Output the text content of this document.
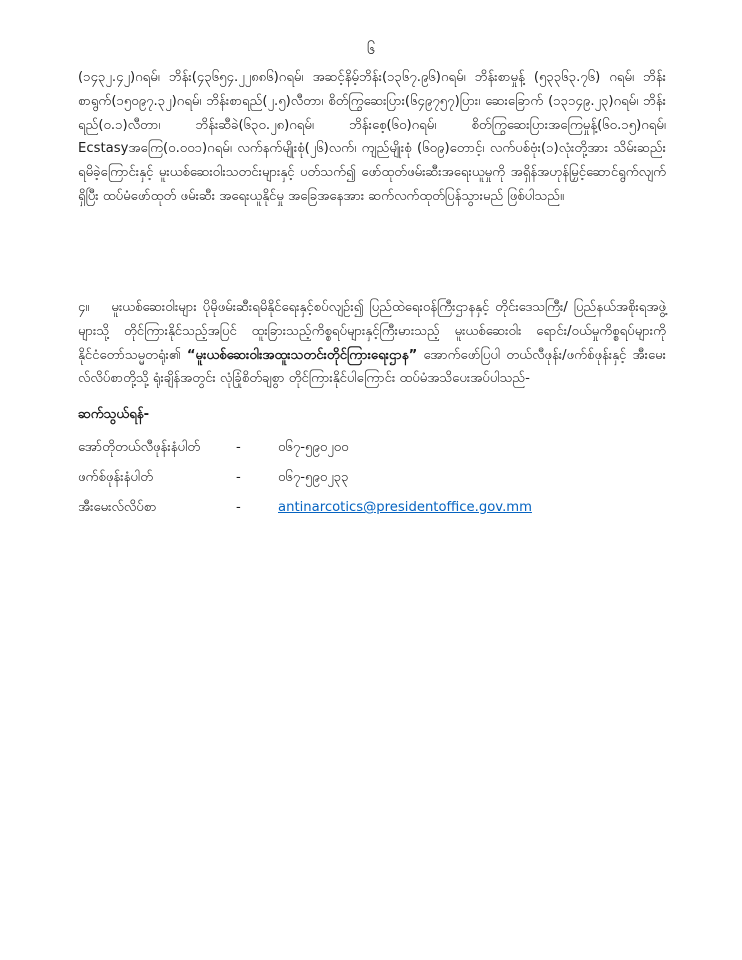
၆

(၁၄၃၂.၄၂)ဂရမ်၊ ဘိန်း(၄၃၆၅၄.၂၂၈၈၆)ဂရမ်၊ အဆင့်နိမ့်ဘိန်း(၁၃၆၇.၉၆)ဂရမ်၊ ဘိန်းစာမှုန့် (၅၃၃၆၃.၇၆) ဂရမ်၊ ဘိန်းစာရွက်(၁၅၀၉၇.၃၂)ဂရမ်၊ ဘိန်းစာရည်(၂.၅)လီတာ၊ စိတ်ကြွဆေးပြား(၆၄၉၇၅၇)ပြား၊ ဆေးခြောက် (၁၃၁၄၉.၂၃)ဂရမ်၊ ဘိန်းရည်(၀.၁)လီတာ၊ ဘိန်းဆီခဲ(၆၃၀.၂၈)ဂရမ်၊ ဘိန်းစေ့(၆၀)ဂရမ်၊ စိတ်ကြွဆေးပြားအကြေမှုန့်(၆၀.၁၅)ဂရမ်၊ Ecstasyအကြေ(၀.၀၀၁)ဂရမ်၊ လက်နက်မျိုးစုံ(၂၆)လက်၊ ကျည်မျိုးစုံ (၆၀၉)တောင့်၊ လက်ပစ်ဗုံး(၁)လုံးတို့အား သိမ်းဆည်းရမိခဲ့ကြောင်းနှင့် မူးယစ်ဆေးဝါးသတင်းများနှင့် ပတ်သက်၍ ဖော်ထုတ်ဖမ်းဆီးအရေးယူမှုကို အရှိန်အဟုန်မြှင့်ဆောင်ရွက်လျက်ရှိပြီး ထပ်မံဖော်ထုတ် ဖမ်းဆီး အရေးယူနိုင်မှု အခြေအနေအား ဆက်လက်ထုတ်ပြန်သွားမည် ဖြစ်ပါသည်။

၄။ မူးယစ်ဆေးဝါးများ ပိုမိုဖမ်းဆီးရမိနိုင်ရေးနှင့်စပ်လျဉ်း၍ ပြည်ထဲရေးဝန်ကြီးဌာနနှင့် တိုင်းဒေသကြီး/ ပြည်နယ်အစိုးရအဖွဲ့များသို့ တိုင်ကြားနိုင်သည့်အပြင် ထူးခြားသည့်ကိစ္စရပ်များနှင့်ကြီးမားသည့် မူးယစ်ဆေးဝါး ရောင်း/ဝယ်မှုကိစ္စရပ်များကို နိုင်ငံတော်သမ္မတရုံး၏ “မူးယစ်ဆေးဝါးအထူးသတင်းတိုင်ကြားရေးဌာန” အောက်ဖော်ပြပါ တယ်လီဖုန်း/ဖက်စ်ဖုန်းနှင့် အီးမေးလ်လိပ်စာတို့သို့ ရုံးချိန်အတွင်း လုံခြုံစိတ်ချစွာ တိုင်ကြားနိုင်ပါကြောင်း ထပ်မံအသိပေးအပ်ပါသည်-

ဆက်သွယ်ရန်-

အော်တိုတယ်လီဖုန်းနံပါတ်	-	၀၆၇-၅၉၀၂၀၀
ဖက်စ်ဖုန်းနံပါတ်	-	၀၆၇-၅၉၀၂၃၃
အီးမေးလ်လိပ်စာ	-	antinarcotics@presidentoffice.gov.mm
